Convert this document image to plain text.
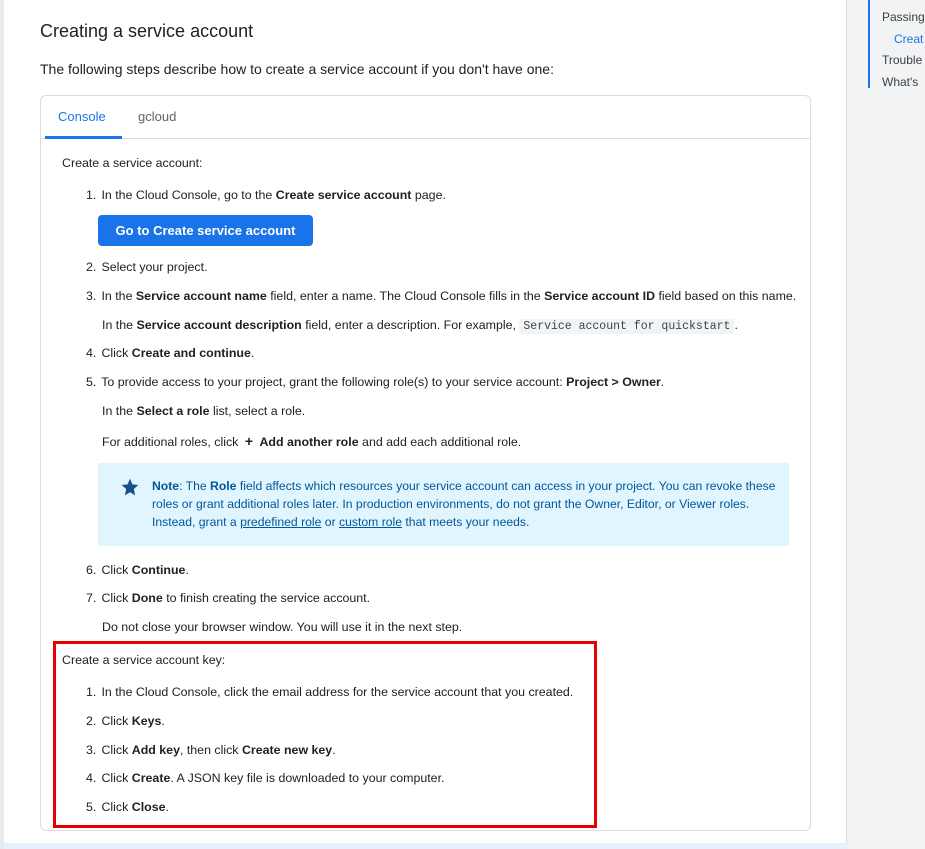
Creating a service account

The following steps describe how to create a service account if you don't have one:

Console gcloud
Create a service account:
1. In the Cloud Console, go to the Create service account page.
Go to Create service account
2. Select your project.
3. In the Service account name field, enter a name. The Cloud Console fills in the Service account ID field based on this name.
In the Service account description field, enter a description. For example, Service account for quickstart .
4. Click Create and continue.
5. To provide access to your project, grant the following role(s) to your service account: Project > Owner.
In the Select a role list, select a role.
For additional roles, click + Add another role and add each additional role.
Note: The Role field affects which resources your service account can access in your project. You can revoke these roles or grant additional roles later. In production environments, do not grant the Owner, Editor, or Viewer roles. Instead, grant a predefined role or custom role that meets your needs.
6. Click Continue.
7. Click Done to finish creating the service account.
Do not close your browser window. You will use it in the next step.
Create a service account key:
1. In the Cloud Console, click the email address for the service account that you created.
2. Click Keys.
3. Click Add key, then click Create new key.
4. Click Create. A JSON key file is downloaded to your computer.
5. Click Close.
Passing
Creat
Trouble
What's
